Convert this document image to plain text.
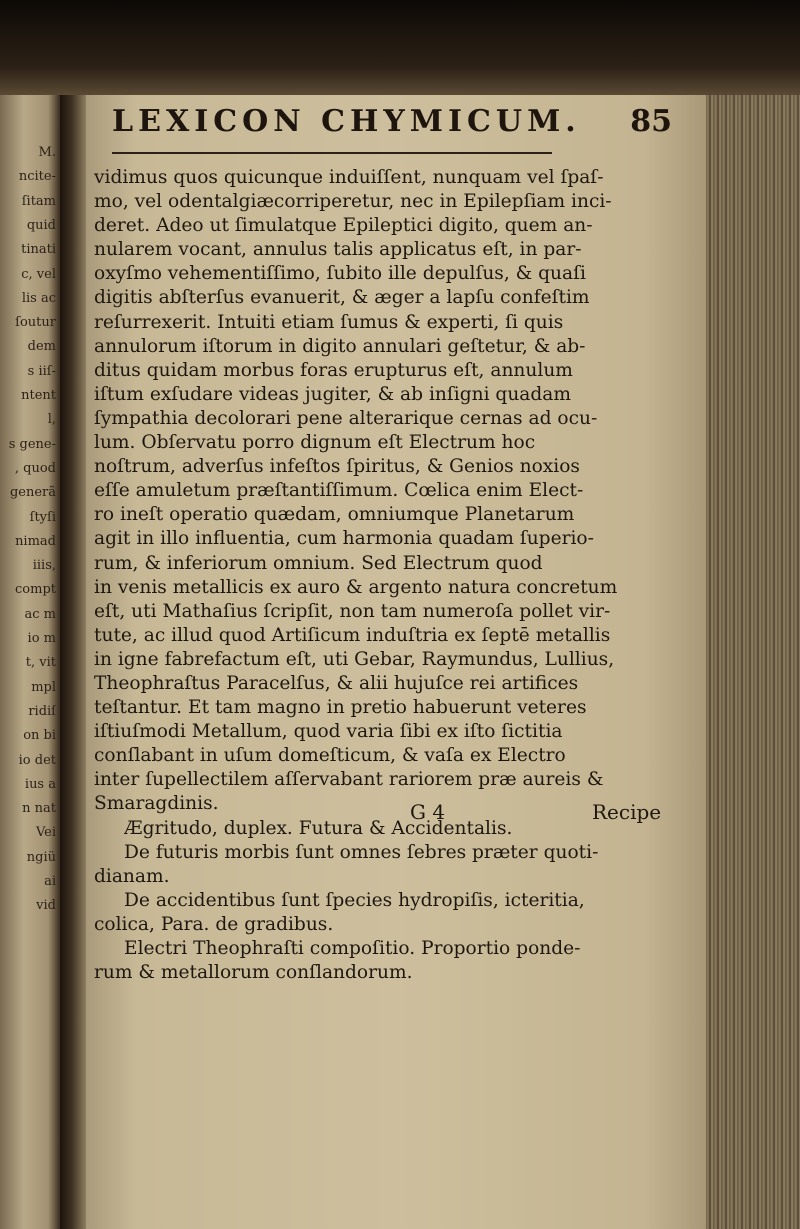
M.
ncite-
ſitam
quid
tinati
c, vel
lis ac
ſoutur
dem
s iiſ-
ntent
l,
s gene-
, quod
generã
ſtyſi
nimad
iiis,
compt
ac m
io m
t, vit
mpl
ridiſ
on bi
io det
ius a
n nat
Vei
ngiü
ai
vid
LEXICON CHYMICUM. 85

vidimus quos quicunque induiſſent, nunquam vel ſpaſ-
mo, vel odentalgiæcorriperetur, nec in Epilepſiam inci-
deret. Adeo ut ſimulatque Epileptici digito, quem an-
nularem vocant, annulus talis applicatus eſt, in par-
oxyſmo vehementiſſimo, ſubito ille depulſus, & quaſi
digitis abſterſus evanuerit, & æger a lapſu confeſtim
reſurrexerit. Intuiti etiam ſumus & experti, ſi quis
annulorum iſtorum in digito annulari geſtetur, & ab-
ditus quidam morbus foras erupturus eſt, annulum
iſtum exſudare videas jugiter, & ab inſigni quadam
ſympathia decolorari pene alterarique cernas ad ocu-
lum. Obſervatu porro dignum eſt Electrum hoc
noſtrum, adverſus infeſtos ſpiritus, & Genios noxios
eſſe amuletum præſtantiſſimum. Cœlica enim Elect-
ro ineſt operatio quædam, omniumque Planetarum
agit in illo influentia, cum harmonia quadam ſuperio-
rum, & inferiorum omnium. Sed Electrum quod
in venis metallicis ex auro & argento natura concretum
eſt, uti Mathaſius ſcripſit, non tam numeroſa pollet vir-
tute, ac illud quod Artiſicum induſtria ex ſeptē metallis
in igne fabrefactum eſt, uti Gebar, Raymundus, Lullius,
Theophraſtus Paracelſus, & alii hujuſce rei artifices
teſtantur. Et tam magno in pretio habuerunt veteres
iſtiuſmodi Metallum, quod varia ſibi ex iſto ſictitia
conſlabant in uſum domeſticum, & vaſa ex Electro
inter ſupellectilem aſſervabant rariorem præ aureis &
Smaragdinis.

Ægritudo, duplex. Futura & Accidentalis.

De futuris morbis ſunt omnes ſebres præter quoti-
dianam.

De accidentibus ſunt ſpecies hydropiſis, icteritia,
colica, Para. de gradibus.

Electri Theophraſti compoſitio. Proportio ponde-
rum & metallorum conſlandorum.

G 4	Recipe
